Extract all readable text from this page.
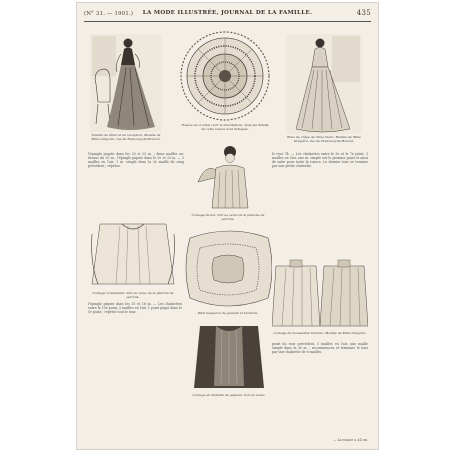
(N° 31. — 1901.)	LA MODE ILLUSTRÉE, JOURNAL DE LA FAMILLE.	435
Toilette de dîner et de réception. Modèle de Mme Grégoire, rue du Faubourg-St-Honoré.
Rosace au crochet (voir la description). Tous les détails de cette rosace sont indiqués.
Robe de crêpe de chine blanc. Modèle de Mme Grégoire, rue du Faubourg-St-Honoré.
Corsage de bal. Voir au verso de la planche de patrons.
l'épingle piquée dans les 20 et 25 m. ; deux mailles au-dessus du 20 m., l'épingle piquée dans le 20 et 25 m. — 5 mailles en l'air, 1 m. simple dans la 3e maille du rang précédent ; répétez.
le tour 74. — Les chaînettes entre le 5e et le 7e point, 3 mailles en l'air, une m. simple sur le premier point et ainsi de suite pour toute la rosace. Le dernier tour se termine par une petite chaînette.
Corsage ornemental. Voir au verso de la planche de patrons.
Petit napperon de guipure et broderie.
Corsage de mousseline blanche. Modèle de Mme Grégoire.
Corsage en dentelle de guipure. Voir au verso.
l'épingle piquée dans les 15 et 16 m. — Les chaînettes entre le 15e point, 5 mailles en l'air, 1 point piqué dans le 5e point ; répétez tout le tour.
point du tour précédent, 5 mailles en l'air, une maille simple dans la 3e m. ; recommencez et terminez le tour par une chaînette de 6 mailles.
— La rosace a 24 cm.
